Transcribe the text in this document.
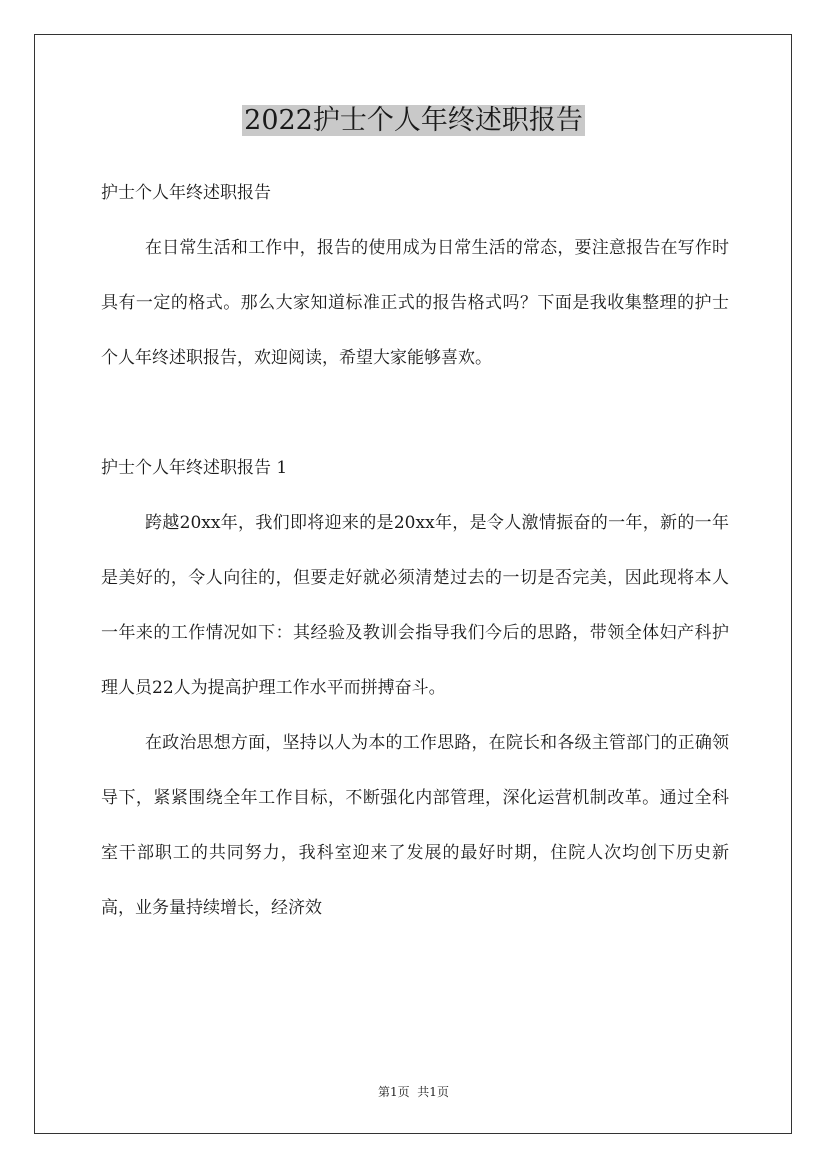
2022护士个人年终述职报告

护士个人年终述职报告

在日常生活和工作中，报告的使用成为日常生活的常态，要注意报告在写作时具有一定的格式。那么大家知道标准正式的报告格式吗？下面是我收集整理的护士个人年终述职报告，欢迎阅读，希望大家能够喜欢。

护士个人年终述职报告 1

跨越20xx年，我们即将迎来的是20xx年，是令人激情振奋的一年，新的一年是美好的，令人向往的，但要走好就必须清楚过去的一切是否完美，因此现将本人一年来的工作情况如下：其经验及教训会指导我们今后的思路，带领全体妇产科护理人员22人为提高护理工作水平而拼搏奋斗。

在政治思想方面，坚持以人为本的工作思路，在院长和各级主管部门的正确领导下，紧紧围绕全年工作目标，不断强化内部管理，深化运营机制改革。通过全科室干部职工的共同努力，我科室迎来了发展的最好时期，住院人次均创下历史新高，业务量持续增长，经济效

第1页  共1页
